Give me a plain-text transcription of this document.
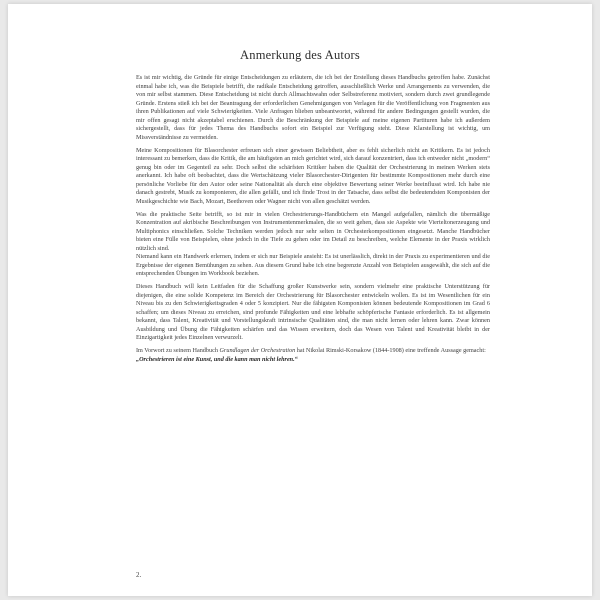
Anmerkung des Autors

Es ist mir wichtig, die Gründe für einige Entscheidungen zu erläutern, die ich bei der Erstellung dieses Handbuchs getroffen habe. Zunächst einmal habe ich, was die Beispiele betrifft, die radikale Entscheidung getroffen, ausschließlich Werke und Arrangements zu verwenden, die von mir selbst stammen. Diese Entscheidung ist nicht durch Allmachtswahn oder Selbstreferenz motiviert, sondern durch zwei grundlegende Gründe. Erstens stieß ich bei der Beantragung der erforderlichen Genehmigungen von Verlagen für die Veröffentlichung von Fragmenten aus ihren Publikationen auf viele Schwierigkeiten. Viele Anfragen blieben unbeantwortet, während für andere Bedingungen gestellt wurden, die mir offen gesagt nicht akzeptabel erschienen. Durch die Beschränkung der Beispiele auf meine eigenen Partituren habe ich außerdem sichergestellt, dass für jedes Thema des Handbuchs sofort ein Beispiel zur Verfügung steht. Diese Klarstellung ist wichtig, um Missverständnisse zu vermeiden.

Meine Kompositionen für Blasorchester erfreuen sich einer gewissen Beliebtheit, aber es fehlt sicherlich nicht an Kritikern. Es ist jedoch interessant zu bemerken, dass die Kritik, die am häufigsten an mich gerichtet wird, sich darauf konzentriert, dass ich entweder nicht „modern“ genug bin oder im Gegenteil zu sehr. Doch selbst die schärfsten Kritiker haben die Qualität der Orchestrierung in meinen Werken stets anerkannt. Ich habe oft beobachtet, dass die Wertschätzung vieler Blasorchester-Dirigenten für bestimmte Kompositionen mehr durch eine persönliche Vorliebe für den Autor oder seine Nationalität als durch eine objektive Bewertung seiner Werke beeinflusst wird. Ich habe nie danach gestrebt, Musik zu komponieren, die allen gefällt, und ich finde Trost in der Tatsache, dass selbst die bedeutendsten Komponisten der Musikgeschichte wie Bach, Mozart, Beethoven oder Wagner nicht von allen geschätzt werden.

Was die praktische Seite betrifft, so ist mir in vielen Orchestrierungs-Handbüchern ein Mangel aufgefallen, nämlich die übermäßige Konzentration auf akribische Beschreibungen von Instrumentenmerkmalen, die so weit gehen, dass sie Aspekte wie Vierteltonerzeugung und Multiphonics einschließen. Solche Techniken werden jedoch nur sehr selten in Orchesterkompositionen eingesetzt. Manche Handbücher bieten eine Fülle von Beispielen, ohne jedoch in die Tiefe zu gehen oder im Detail zu beschreiben, welche Elemente in der Praxis wirklich nützlich sind.

Niemand kann ein Handwerk erlernen, indem er sich nur Beispiele ansieht: Es ist unerlässlich, direkt in der Praxis zu experimentieren und die Ergebnisse der eigenen Bemühungen zu sehen. Aus diesem Grund habe ich eine begrenzte Anzahl von Beispielen ausgewählt, die sich auf die entsprechenden Übungen im Workbook beziehen.

Dieses Handbuch will kein Leitfaden für die Schaffung großer Kunstwerke sein, sondern vielmehr eine praktische Unterstützung für diejenigen, die eine solide Kompetenz im Bereich der Orchestrierung für Blasorchester entwickeln wollen. Es ist im Wesentlichen für ein Niveau bis zu den Schwierigkeitsgraden 4 oder 5 konzipiert. Nur die fähigsten Komponisten können bedeutende Kompositionen im Grad 6 schaffen; um dieses Niveau zu erreichen, sind profunde Fähigkeiten und eine lebhafte schöpferische Fantasie erforderlich. Es ist allgemein bekannt, dass Talent, Kreativität und Vorstellungskraft intrinsische Qualitäten sind, die man nicht lernen oder lehren kann. Zwar können Ausbildung und Übung die Fähigkeiten schärfen und das Wissen erweitern, doch das Wesen von Talent und Kreativität bleibt in der Einzigartigkeit jedes Einzelnen verwurzelt.

Im Vorwort zu seinem Handbuch Grundlagen der Orchestration hat Nikolai Rimski-Korsakow (1844-1908) eine treffende Aussage gemacht:

„Orchestrieren ist eine Kunst, und die kann man nicht lehren.“

2.
